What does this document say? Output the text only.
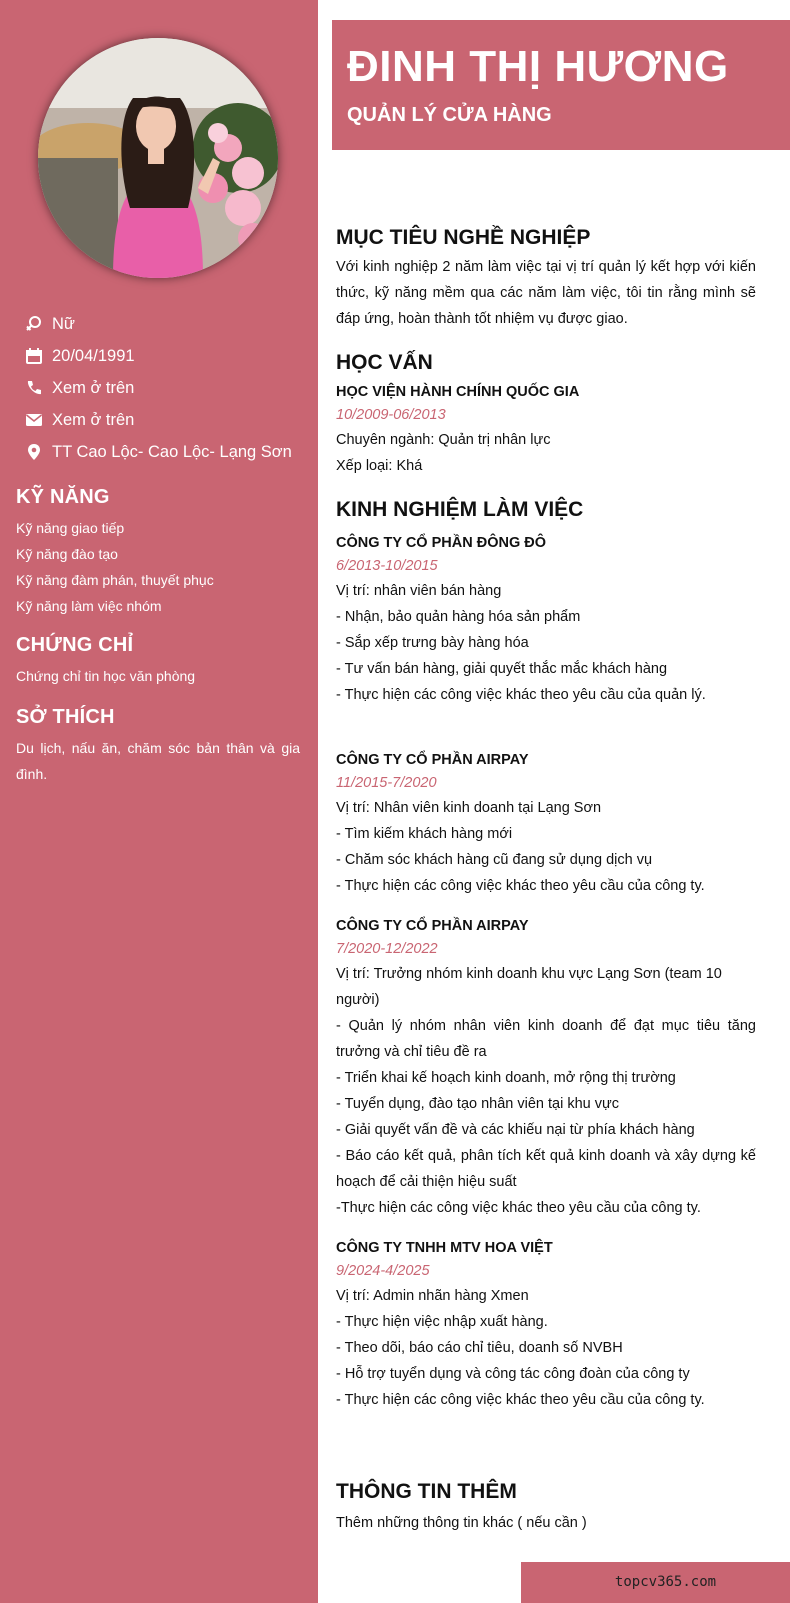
Nữ
20/04/1991
Xem ở trên
Xem ở trên
TT Cao Lộc- Cao Lộc- Lạng Sơn
KỸ NĂNG
Kỹ năng giao tiếp
Kỹ năng đào tạo
Kỹ năng đàm phán, thuyết phục
Kỹ năng làm việc nhóm
CHỨNG CHỈ
Chứng chỉ tin học văn phòng
SỞ THÍCH
Du lịch, nấu ăn, chăm sóc bản thân và gia đình.
ĐINH THỊ HƯƠNG
QUẢN LÝ CỬA HÀNG
MỤC TIÊU NGHỀ NGHIỆP
Với kinh nghiệp 2 năm làm việc tại vị trí quản lý kết hợp với kiến thức, kỹ năng mềm qua các năm làm việc, tôi tin rằng mình sẽ đáp ứng, hoàn thành tốt nhiệm vụ được giao.
HỌC VẤN
HỌC VIỆN HÀNH CHÍNH QUỐC GIA
10/2009-06/2013
Chuyên ngành: Quản trị nhân lực
Xếp loại: Khá
KINH NGHIỆM LÀM VIỆC
CÔNG TY CỔ PHẦN ĐÔNG ĐÔ
6/2013-10/2015
Vị trí: nhân viên bán hàng
- Nhận, bảo quản hàng hóa sản phẩm
- Sắp xếp trưng bày hàng hóa
- Tư vấn bán hàng, giải quyết thắc mắc khách hàng
- Thực hiện các công việc khác theo yêu cầu của quản lý.
CÔNG TY CỔ PHẦN AIRPAY
11/2015-7/2020
Vị trí: Nhân viên kinh doanh tại Lạng Sơn
- Tìm kiếm khách hàng mới
- Chăm sóc khách hàng cũ đang sử dụng dịch vụ
- Thực hiện các công việc khác theo yêu cầu của công ty.
CÔNG TY CỔ PHẦN AIRPAY
7/2020-12/2022
Vị trí: Trưởng nhóm kinh doanh khu vực Lạng Sơn (team 10 người)
- Quản lý nhóm nhân viên kinh doanh để đạt mục tiêu tăng trưởng và chỉ tiêu đề ra
- Triển khai kế hoạch kinh doanh, mở rộng thị trường
- Tuyển dụng, đào tạo nhân viên tại khu vực
- Giải quyết vấn đề và các khiếu nại từ phía khách hàng
- Báo cáo kết quả, phân tích kết quả kinh doanh và xây dựng kế hoạch để cải thiện hiệu suất
-Thực hiện các công việc khác theo yêu cầu của công ty.
CÔNG TY TNHH MTV HOA VIỆT
9/2024-4/2025
Vị trí: Admin nhãn hàng Xmen
- Thực hiện việc nhập xuất hàng.
- Theo dõi, báo cáo chỉ tiêu, doanh số NVBH
- Hỗ trợ tuyển dụng và công tác công đoàn của công ty
- Thực hiện các công việc khác theo yêu cầu của công ty.
THÔNG TIN THÊM
Thêm những thông tin khác ( nếu cần )
topcv365.com
